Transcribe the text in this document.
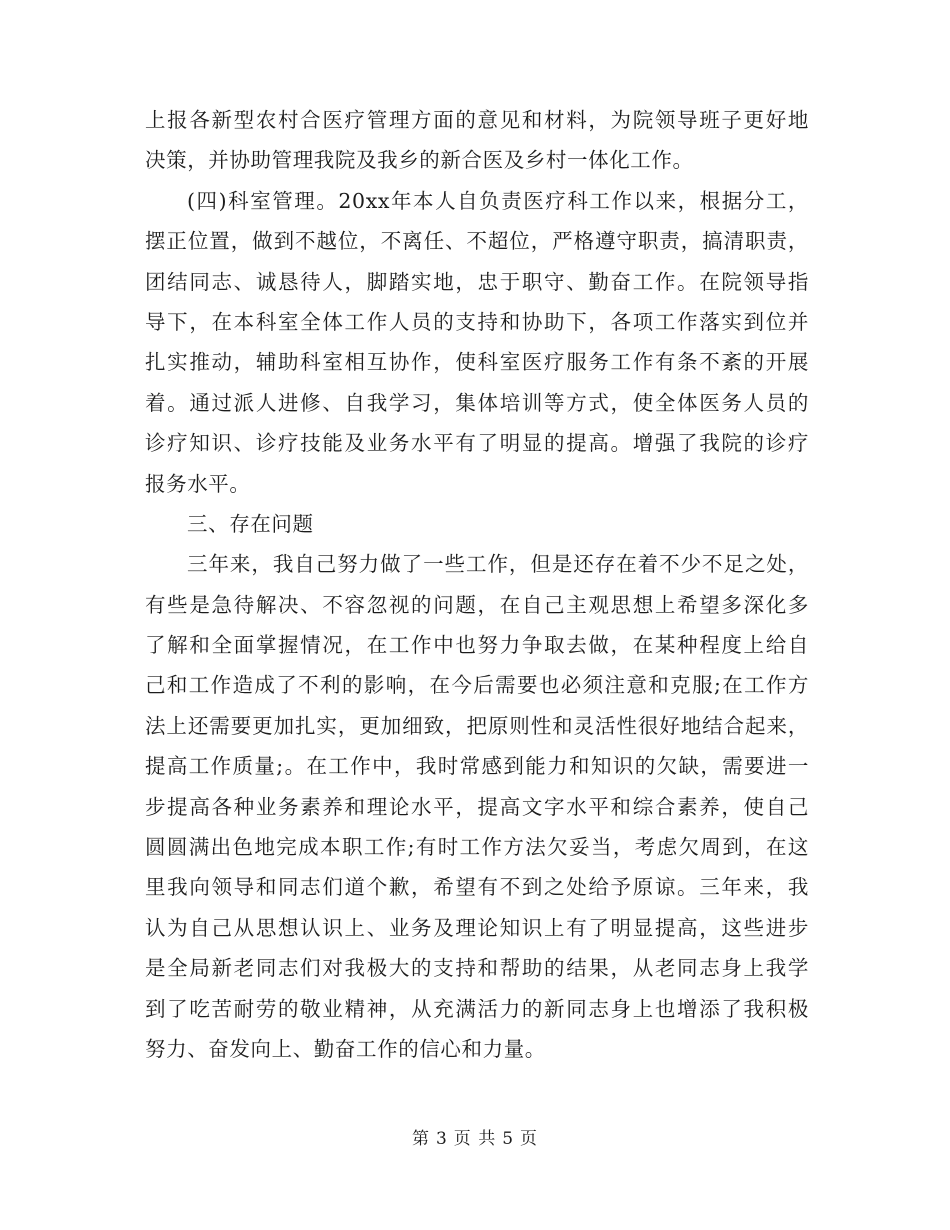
上报各新型农村合医疗管理方面的意见和材料，为院领导班子更好地
决策，并协助管理我院及我乡的新合医及乡村一体化工作。
(四)科室管理。20xx年本人自负责医疗科工作以来，根据分工，
摆正位置，做到不越位，不离任、不超位，严格遵守职责，搞清职责，
团结同志、诚恳待人，脚踏实地，忠于职守、勤奋工作。在院领导指
导下，在本科室全体工作人员的支持和协助下，各项工作落实到位并
扎实推动，辅助科室相互协作，使科室医疗服务工作有条不紊的开展
着。通过派人进修、自我学习，集体培训等方式，使全体医务人员的
诊疗知识、诊疗技能及业务水平有了明显的提高。增强了我院的诊疗
报务水平。
三、存在问题
三年来，我自己努力做了一些工作，但是还存在着不少不足之处，
有些是急待解决、不容忽视的问题，在自己主观思想上希望多深化多
了解和全面掌握情况，在工作中也努力争取去做，在某种程度上给自
己和工作造成了不利的影响，在今后需要也必须注意和克服;在工作方
法上还需要更加扎实，更加细致，把原则性和灵活性很好地结合起来，
提高工作质量;。在工作中，我时常感到能力和知识的欠缺，需要进一
步提高各种业务素养和理论水平，提高文字水平和综合素养，使自己
圆圆满出色地完成本职工作;有时工作方法欠妥当，考虑欠周到，在这
里我向领导和同志们道个歉，希望有不到之处给予原谅。三年来，我
认为自己从思想认识上、业务及理论知识上有了明显提高，这些进步
是全局新老同志们对我极大的支持和帮助的结果，从老同志身上我学
到了吃苦耐劳的敬业精神，从充满活力的新同志身上也增添了我积极
努力、奋发向上、勤奋工作的信心和力量。
第 3 页 共 5 页
